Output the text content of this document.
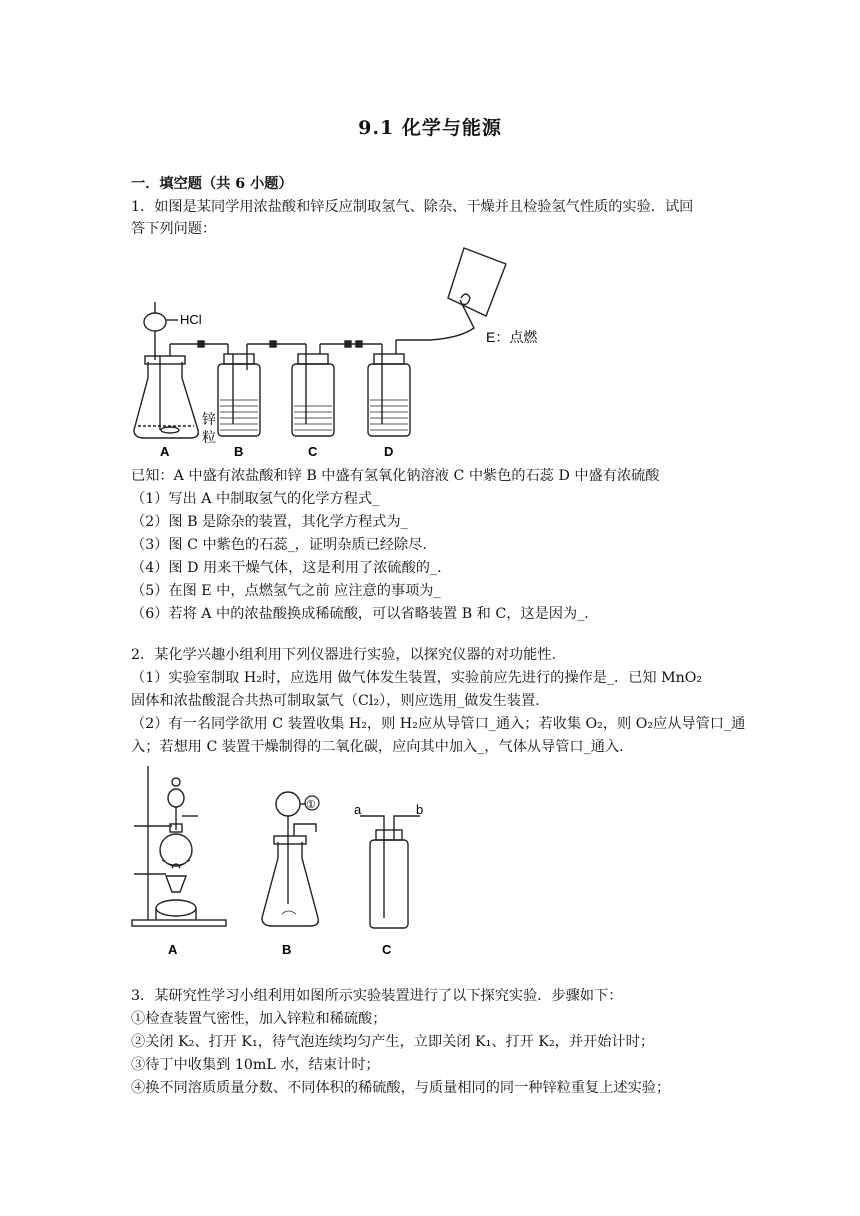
9.1 化学与能源
一．填空题（共 6 小题）
1．如图是某同学用浓盐酸和锌反应制取氢气、除杂、干燥并且检验氢气性质的实验．试回
答下列问题：
HCl
锌
粒
A	B	C	D
E：点燃
已知：A 中盛有浓盐酸和锌 B 中盛有氢氧化钠溶液 C 中紫色的石蕊 D 中盛有浓硫酸
（1）写出 A 中制取氢气的化学方程式_
（2）图 B 是除杂的装置，其化学方程式为_
（3）图 C 中紫色的石蕊_，证明杂质已经除尽.
（4）图 D 用来干燥气体，这是利用了浓硫酸的_.
（5）在图 E 中，点燃氢气之前 应注意的事项为_
（6）若将 A 中的浓盐酸换成稀硫酸，可以省略装置 B 和 C，这是因为_.
2．某化学兴趣小组利用下列仪器进行实验，以探究仪器的对功能性.
（1）实验室制取 H₂时，应选用 做气体发生装置，实验前应先进行的操作是_．已知 MnO₂
固体和浓盐酸混合共热可制取氯气（Cl₂），则应选用_做发生装置.
（2）有一名同学欲用 C 装置收集 H₂，则 H₂应从导管口_通入；若收集 O₂，则 O₂应从导管口_通
入；若想用 C 装置干燥制得的二氧化碳，应向其中加入_，气体从导管口_通入.
①	a	b
A	B	C
3．某研究性学习小组利用如图所示实验装置进行了以下探究实验．步骤如下：
①检查装置气密性，加入锌粒和稀硫酸；
②关闭 K₂、打开 K₁，待气泡连续均匀产生，立即关闭 K₁、打开 K₂，并开始计时；
③待丁中收集到 10mL 水，结束计时；
④换不同溶质质量分数、不同体积的稀硫酸，与质量相同的同一种锌粒重复上述实验；
